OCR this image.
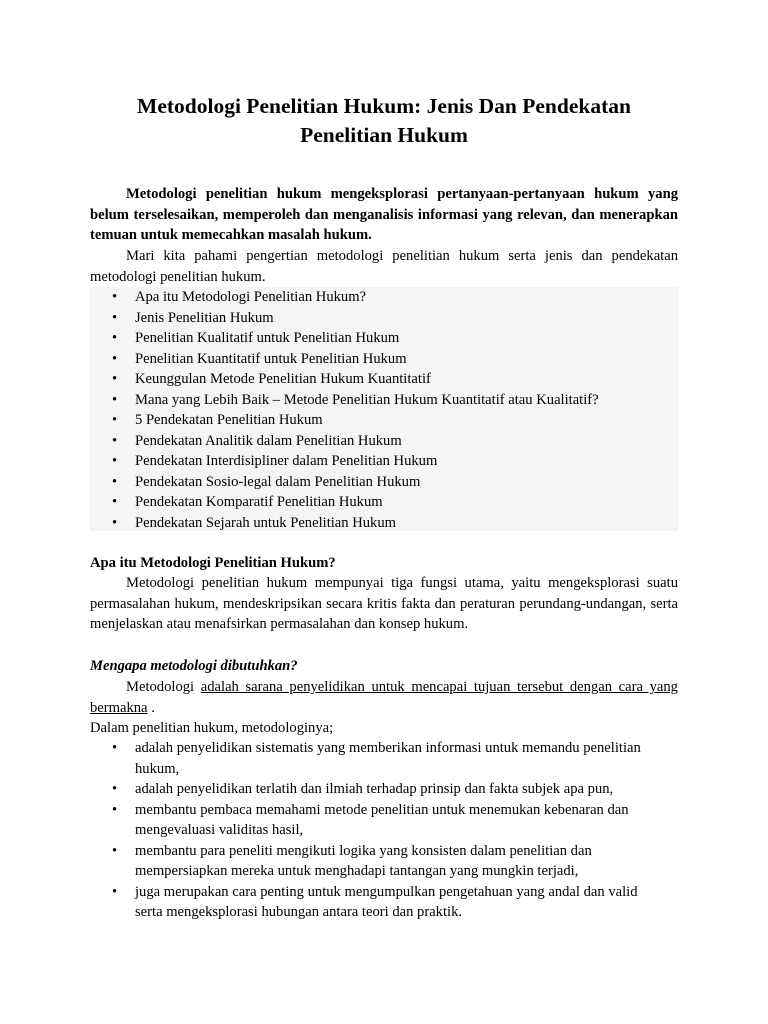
Metodologi Penelitian Hukum: Jenis Dan Pendekatan
Penelitian Hukum
Metodologi penelitian hukum mengeksplorasi pertanyaan-pertanyaan hukum yang belum terselesaikan, memperoleh dan menganalisis informasi yang relevan, dan menerapkan temuan untuk memecahkan masalah hukum.
Mari kita pahami pengertian metodologi penelitian hukum serta jenis dan pendekatan metodologi penelitian hukum.
• Apa itu Metodologi Penelitian Hukum?
• Jenis Penelitian Hukum
• Penelitian Kualitatif untuk Penelitian Hukum
• Penelitian Kuantitatif untuk Penelitian Hukum
• Keunggulan Metode Penelitian Hukum Kuantitatif
• Mana yang Lebih Baik – Metode Penelitian Hukum Kuantitatif atau Kualitatif?
• 5 Pendekatan Penelitian Hukum
• Pendekatan Analitik dalam Penelitian Hukum
• Pendekatan Interdisipliner dalam Penelitian Hukum
• Pendekatan Sosio-legal dalam Penelitian Hukum
• Pendekatan Komparatif Penelitian Hukum
• Pendekatan Sejarah untuk Penelitian Hukum
Apa itu Metodologi Penelitian Hukum?
Metodologi penelitian hukum mempunyai tiga fungsi utama, yaitu mengeksplorasi suatu permasalahan hukum, mendeskripsikan secara kritis fakta dan peraturan perundang-undangan, serta menjelaskan atau menafsirkan permasalahan dan konsep hukum.
Mengapa metodologi dibutuhkan?
Metodologi adalah sarana penyelidikan untuk mencapai tujuan tersebut dengan cara yang bermakna .
Dalam penelitian hukum, metodologinya;
• adalah penyelidikan sistematis yang memberikan informasi untuk memandu penelitian hukum,
• adalah penyelidikan terlatih dan ilmiah terhadap prinsip dan fakta subjek apa pun,
• membantu pembaca memahami metode penelitian untuk menemukan kebenaran dan mengevaluasi validitas hasil,
• membantu para peneliti mengikuti logika yang konsisten dalam penelitian dan mempersiapkan mereka untuk menghadapi tantangan yang mungkin terjadi,
• juga merupakan cara penting untuk mengumpulkan pengetahuan yang andal dan valid serta mengeksplorasi hubungan antara teori dan praktik.
